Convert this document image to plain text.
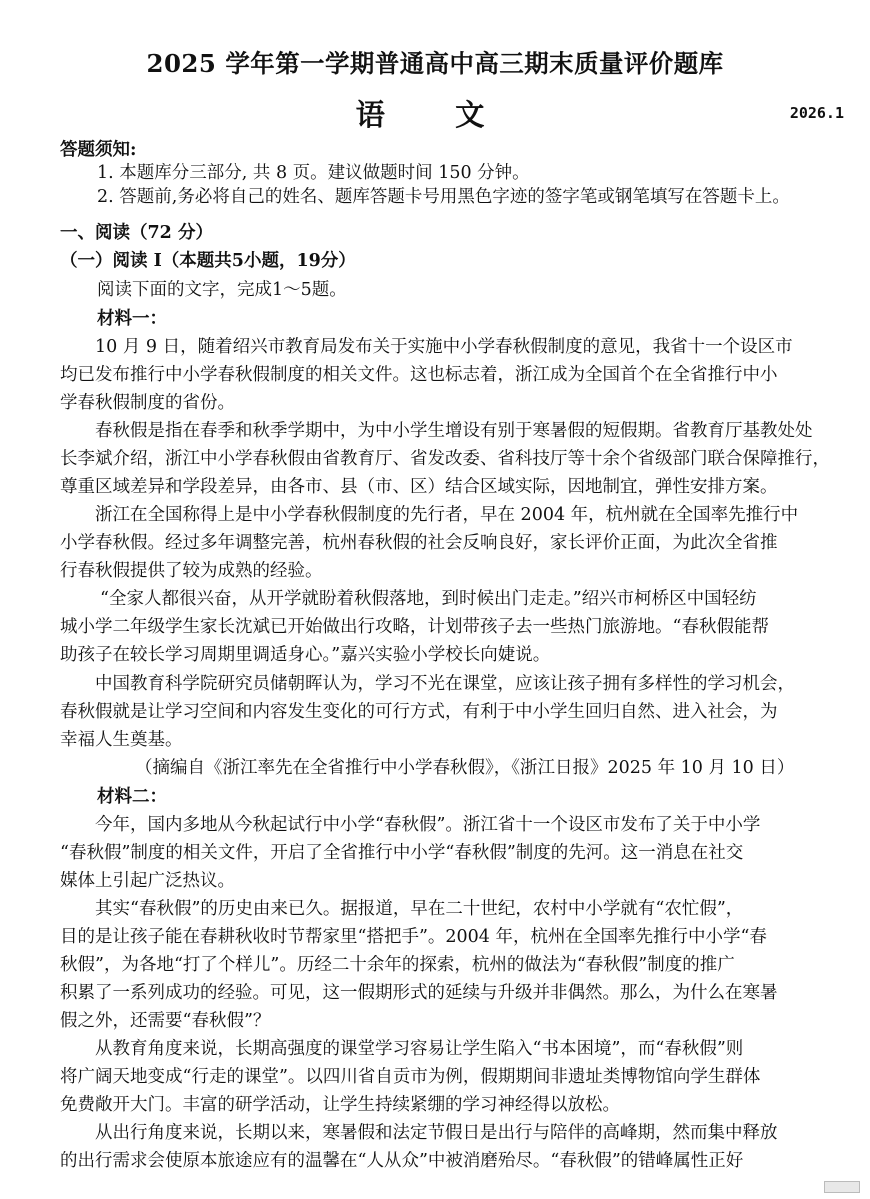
2025 学年第一学期普通高中高三期末质量评价题库
语 文	2026.1
答题须知:
1. 本题库分三部分, 共 8 页。建议做题时间 150 分钟。
2. 答题前,务必将自己的姓名、题库答题卡号用黑色字迹的签字笔或钢笔填写在答题卡上。
一、阅读（72 分）
（一）阅读 I（本题共5小题，19分）
阅读下面的文字，完成1～5题。
材料一：
10 月 9 日，随着绍兴市教育局发布关于实施中小学春秋假制度的意见，我省十一个设区市
均已发布推行中小学春秋假制度的相关文件。这也标志着，浙江成为全国首个在全省推行中小
学春秋假制度的省份。
春秋假是指在春季和秋季学期中，为中小学生增设有别于寒暑假的短假期。省教育厅基教处处
长李斌介绍，浙江中小学春秋假由省教育厅、省发改委、省科技厅等十余个省级部门联合保障推行，
尊重区域差异和学段差异，由各市、县（市、区）结合区域实际，因地制宜，弹性安排方案。
浙江在全国称得上是中小学春秋假制度的先行者，早在 2004 年，杭州就在全国率先推行中
小学春秋假。经过多年调整完善，杭州春秋假的社会反响良好，家长评价正面，为此次全省推
行春秋假提供了较为成熟的经验。
“全家人都很兴奋，从开学就盼着秋假落地，到时候出门走走。”绍兴市柯桥区中国轻纺
城小学二年级学生家长沈斌已开始做出行攻略，计划带孩子去一些热门旅游地。“春秋假能帮
助孩子在较长学习周期里调适身心。”嘉兴实验小学校长向婕说。
中国教育科学院研究员储朝晖认为，学习不光在课堂，应该让孩子拥有多样性的学习机会，
春秋假就是让学习空间和内容发生变化的可行方式，有利于中小学生回归自然、进入社会，为
幸福人生奠基。
（摘编自《浙江率先在全省推行中小学春秋假》，《浙江日报》2025 年 10 月 10 日）
材料二：
今年，国内多地从今秋起试行中小学“春秋假”。浙江省十一个设区市发布了关于中小学
“春秋假”制度的相关文件，开启了全省推行中小学“春秋假”制度的先河。这一消息在社交
媒体上引起广泛热议。
其实“春秋假”的历史由来已久。据报道，早在二十世纪，农村中小学就有“农忙假”，
目的是让孩子能在春耕秋收时节帮家里“搭把手”。2004 年，杭州在全国率先推行中小学“春
秋假”，为各地“打了个样儿”。历经二十余年的探索，杭州的做法为“春秋假”制度的推广
积累了一系列成功的经验。可见，这一假期形式的延续与升级并非偶然。那么，为什么在寒暑
假之外，还需要“春秋假”？
从教育角度来说，长期高强度的课堂学习容易让学生陷入“书本困境”，而“春秋假”则
将广阔天地变成“行走的课堂”。以四川省自贡市为例，假期期间非遗址类博物馆向学生群体
免费敞开大门。丰富的研学活动，让学生持续紧绷的学习神经得以放松。
从出行角度来说，长期以来，寒暑假和法定节假日是出行与陪伴的高峰期，然而集中释放
的出行需求会使原本旅途应有的温馨在“人从众”中被消磨殆尽。“春秋假”的错峰属性正好
